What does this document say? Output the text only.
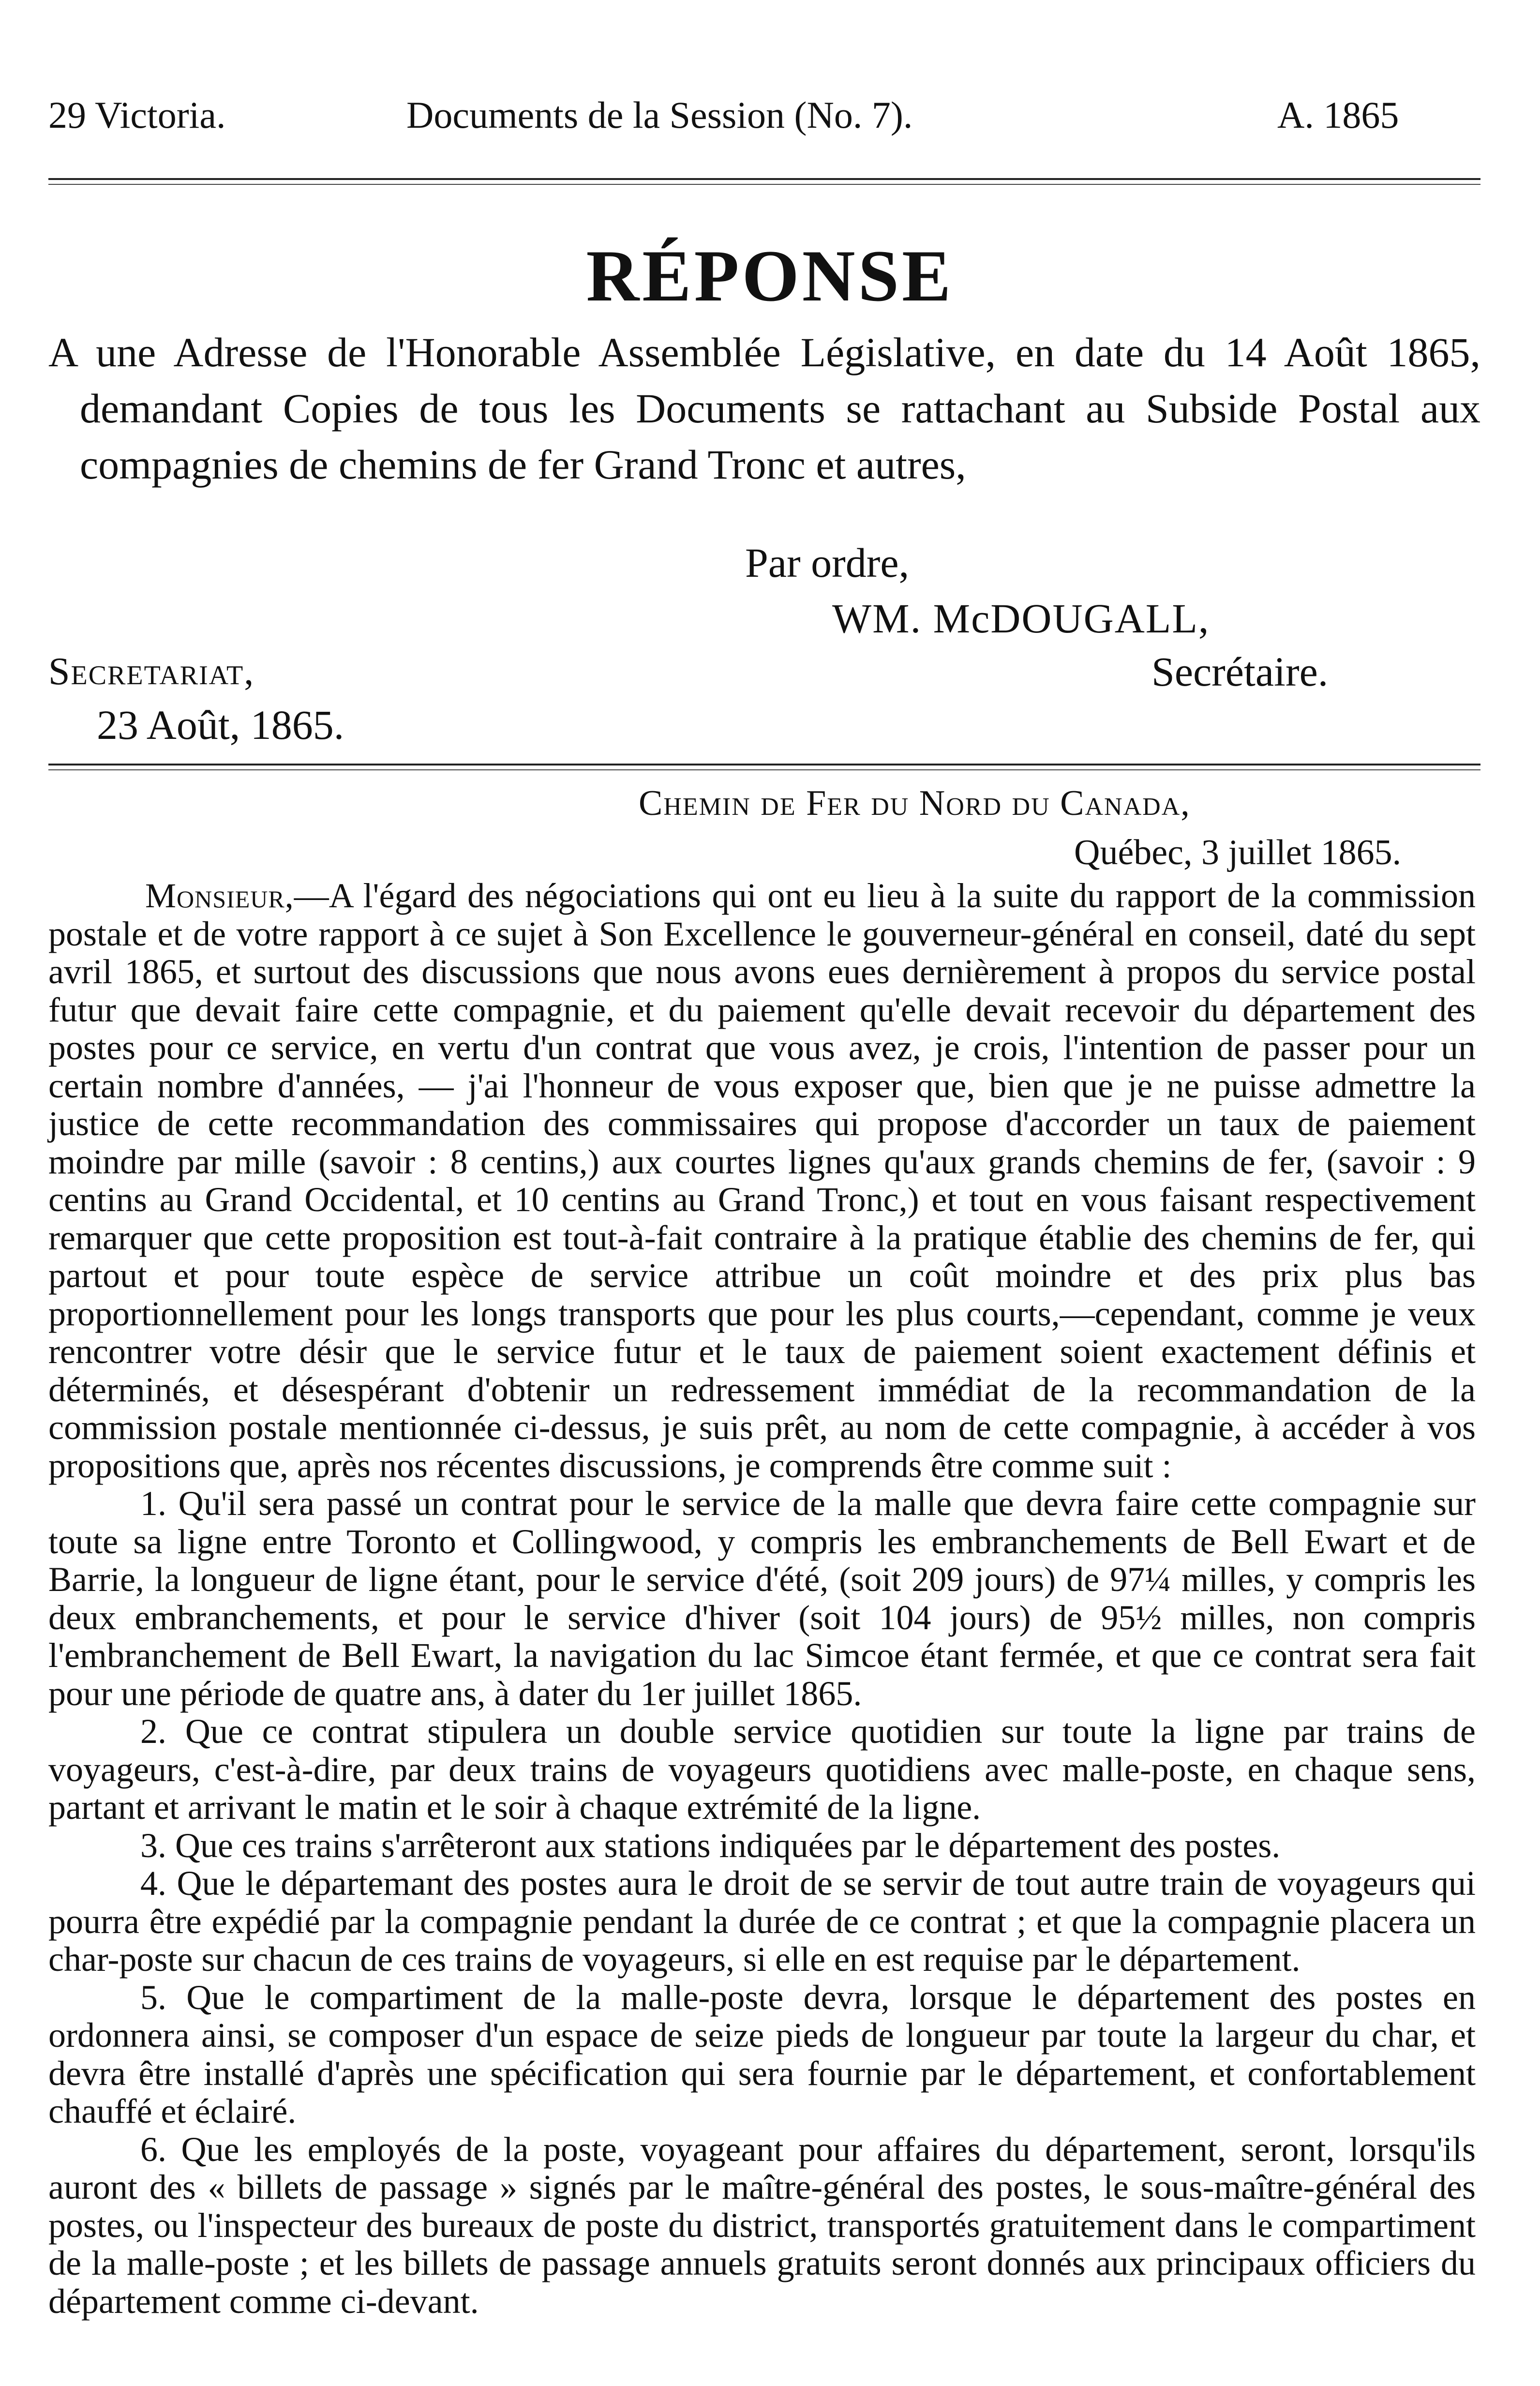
29 Victoria.	Documents de la Session (No. 7).	A. 1865
RÉPONSE
A une Adresse de l'Honorable Assemblée Législative, en date du 14 Août 1865, demandant Copies de tous les Documents se rattachant au Subside Postal aux compagnies de chemins de fer Grand Tronc et autres,
Par ordre,
WM. McDOUGALL,
Secretariat,	Secrétaire.
23 Août, 1865.
Chemin de Fer du Nord du Canada,
Québec, 3 juillet 1865.

Monsieur,—A l'égard des négociations qui ont eu lieu à la suite du rapport de la commission postale et de votre rapport à ce sujet à Son Excellence le gouverneur-général en conseil, daté du sept avril 1865, et surtout des discussions que nous avons eues dernièrement à propos du service postal futur que devait faire cette compagnie, et du paiement qu'elle devait recevoir du département des postes pour ce service, en vertu d'un contrat que vous avez, je crois, l'intention de passer pour un certain nombre d'années, — j'ai l'honneur de vous exposer que, bien que je ne puisse admettre la justice de cette recommandation des commissaires qui propose d'accorder un taux de paiement moindre par mille (savoir : 8 centins,) aux courtes lignes qu'aux grands chemins de fer, (savoir : 9 centins au Grand Occidental, et 10 centins au Grand Tronc,) et tout en vous faisant respectivement remarquer que cette proposition est tout-à-fait contraire à la pratique établie des chemins de fer, qui partout et pour toute espèce de service attribue un coût moindre et des prix plus bas proportionnellement pour les longs transports que pour les plus courts,—cependant, comme je veux rencontrer votre désir que le service futur et le taux de paiement soient exactement définis et déterminés, et désespérant d'obtenir un redressement immédiat de la recommandation de la commission postale mentionnée ci-dessus, je suis prêt, au nom de cette compagnie, à accéder à vos propositions que, après nos récentes discussions, je comprends être comme suit :

1. Qu'il sera passé un contrat pour le service de la malle que devra faire cette compagnie sur toute sa ligne entre Toronto et Collingwood, y compris les embranchements de Bell Ewart et de Barrie, la longueur de ligne étant, pour le service d'été, (soit 209 jours) de 97¼ milles, y compris les deux embranchements, et pour le service d'hiver (soit 104 jours) de 95½ milles, non compris l'embranchement de Bell Ewart, la navigation du lac Simcoe étant fermée, et que ce contrat sera fait pour une période de quatre ans, à dater du 1er juillet 1865.

2. Que ce contrat stipulera un double service quotidien sur toute la ligne par trains de voyageurs, c'est-à-dire, par deux trains de voyageurs quotidiens avec malle-poste, en chaque sens, partant et arrivant le matin et le soir à chaque extrémité de la ligne.

3. Que ces trains s'arrêteront aux stations indiquées par le département des postes.

4. Que le départemant des postes aura le droit de se servir de tout autre train de voyageurs qui pourra être expédié par la compagnie pendant la durée de ce contrat ; et que la compagnie placera un char-poste sur chacun de ces trains de voyageurs, si elle en est requise par le département.

5. Que le compartiment de la malle-poste devra, lorsque le département des postes en ordonnera ainsi, se composer d'un espace de seize pieds de longueur par toute la largeur du char, et devra être installé d'après une spécification qui sera fournie par le département, et confortablement chauffé et éclairé.

6. Que les employés de la poste, voyageant pour affaires du département, seront, lorsqu'ils auront des « billets de passage » signés par le maître-général des postes, le sous-maître-général des postes, ou l'inspecteur des bureaux de poste du district, transportés gratuitement dans le compartiment de la malle-poste ; et les billets de passage annuels gratuits seront donnés aux principaux officiers du département comme ci-devant.
